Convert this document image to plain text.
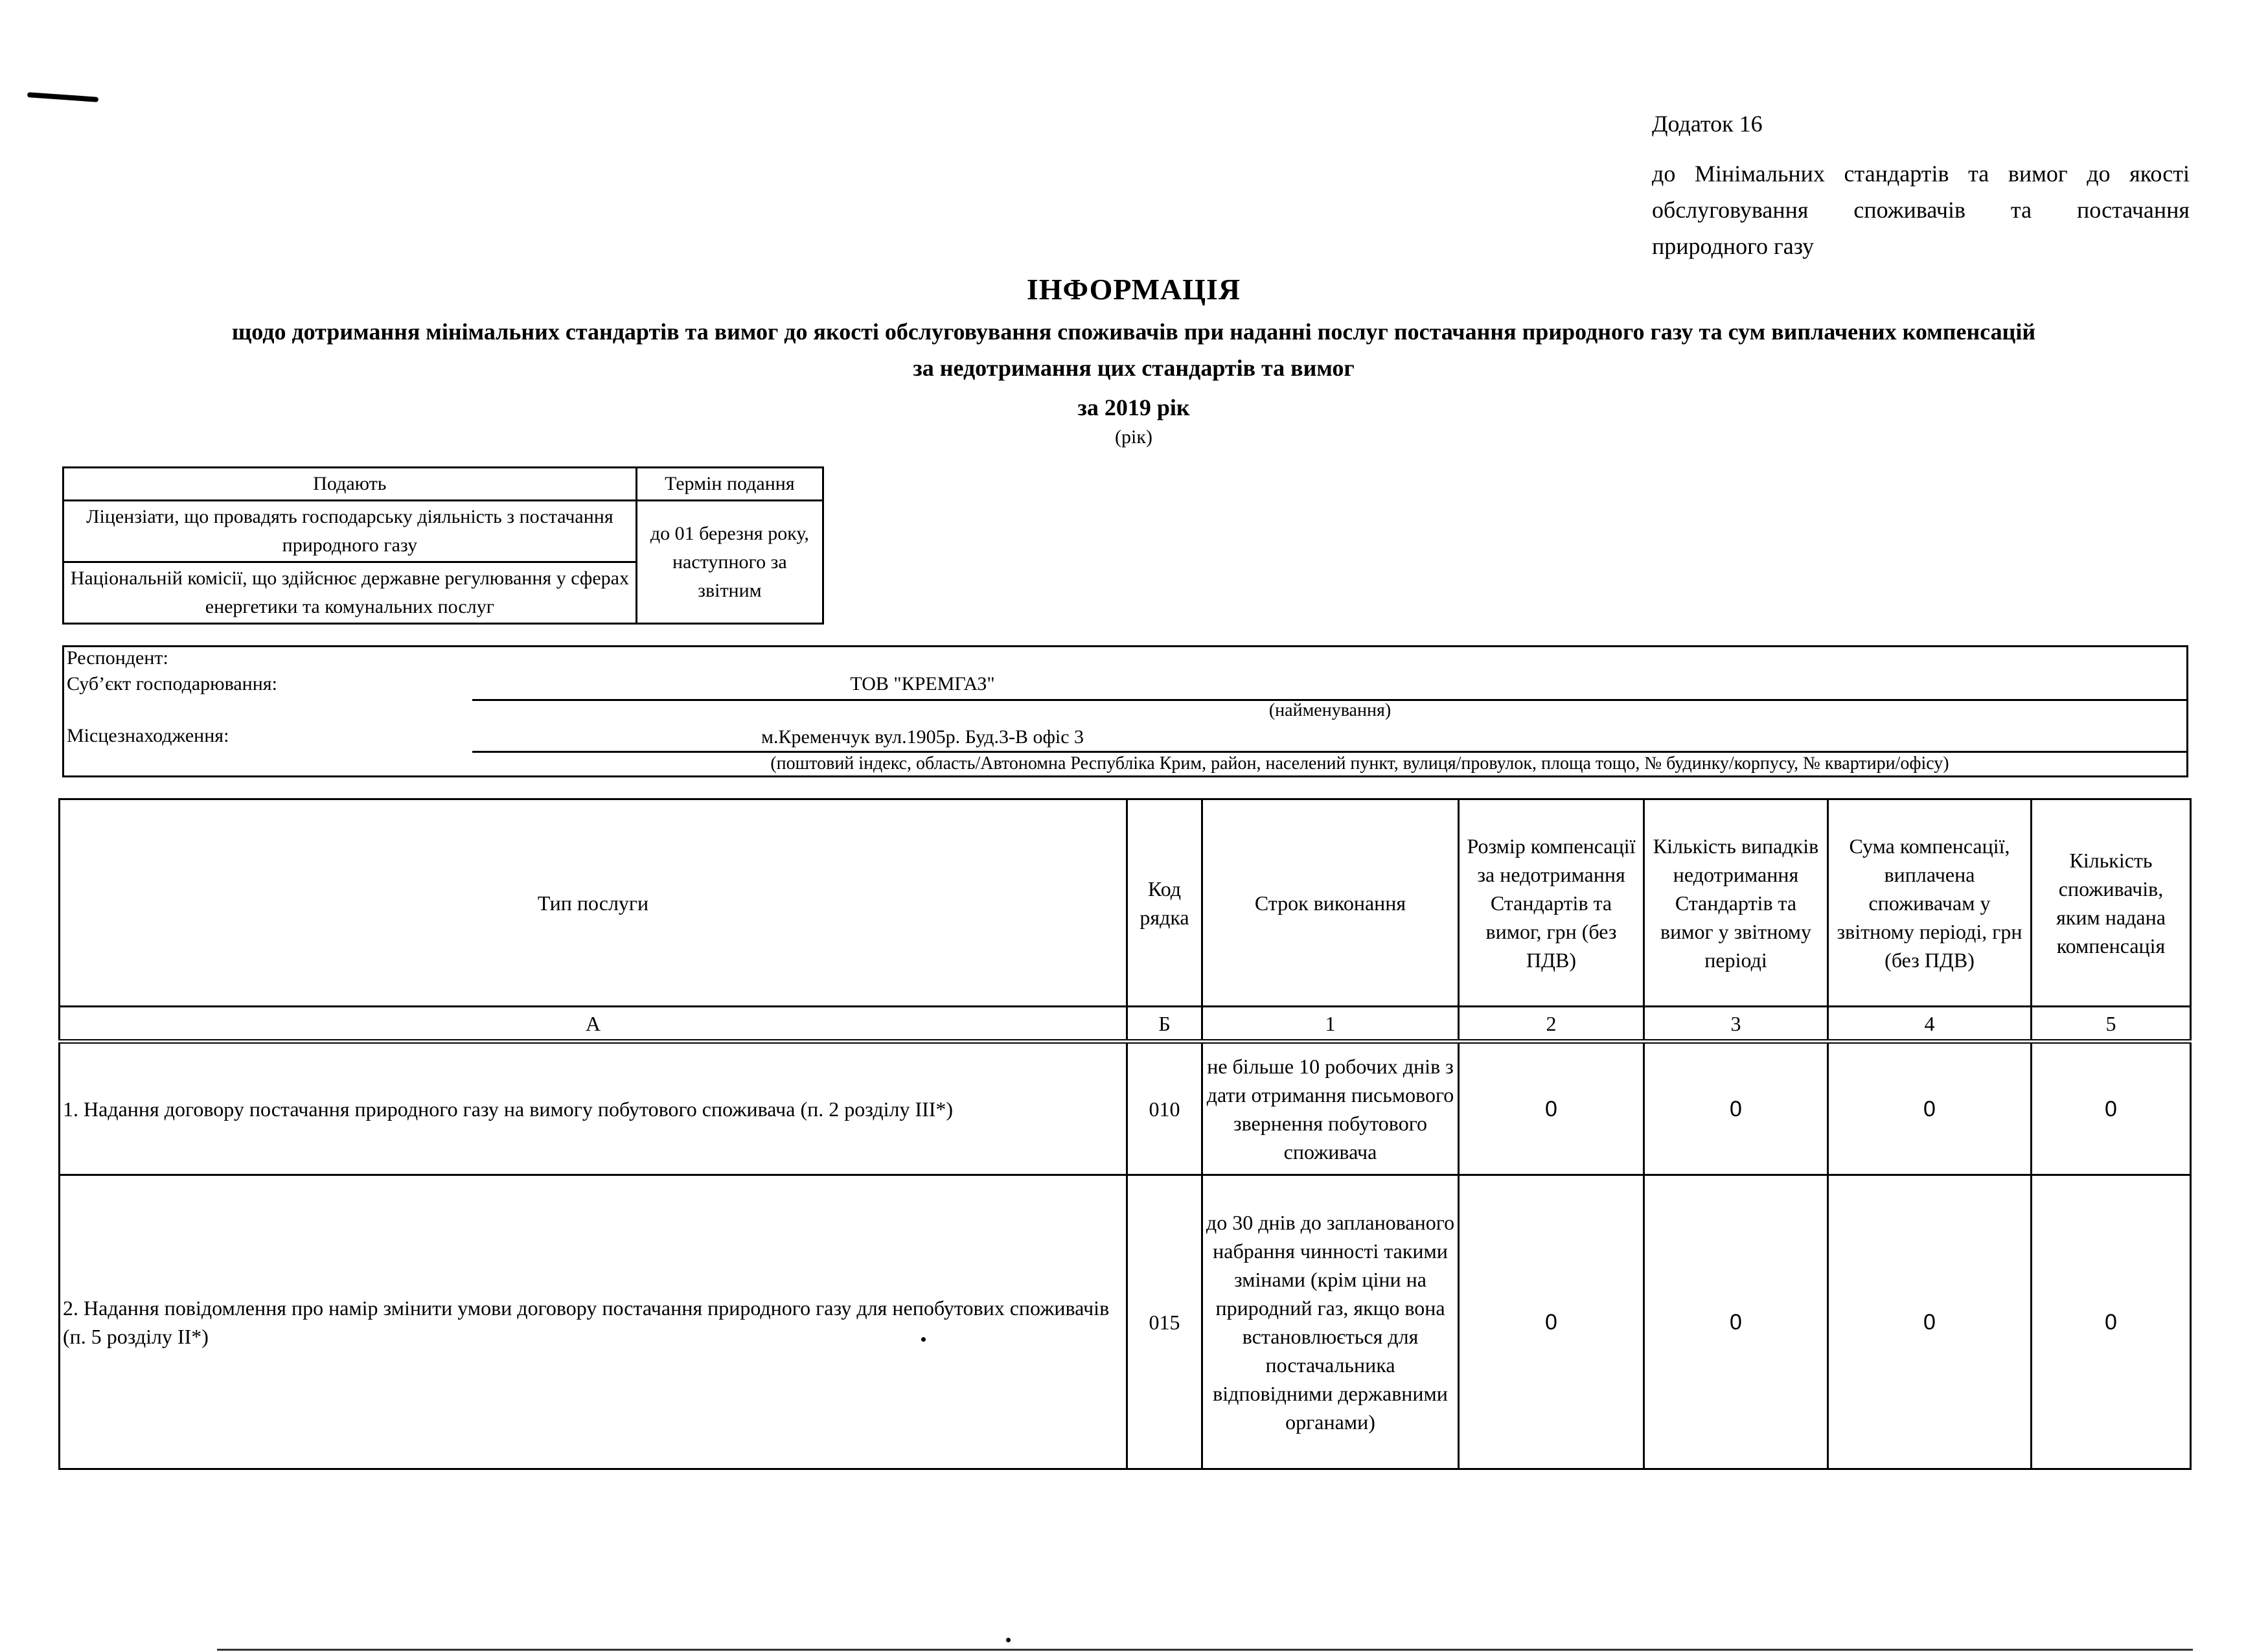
Додаток 16
до Мінімальних стандартів та вимог до якості обслуговування споживачів та постачання природного газу
ІНФОРМАЦІЯ
щодо дотримання мінімальних стандартів та вимог до якості обслуговування споживачів при наданні послуг постачання природного газу та сум виплачених компенсацій
за недотримання цих стандартів та вимог
за 2019 рік
(рік)
Подають	Термін подання
Ліцензіати, що провадять господарську діяльність з постачання природного газу	до 01 березня року, наступного за звітним
Національній комісії, що здійснює державне регулювання у сферах енергетики та комунальних послуг	
Респондент:
Суб’єкт господарювання:	ТОВ "КРЕМГАЗ"
(найменування)
Місцезнаходження:	м.Кременчук вул.1905р. Буд.3-В офіс 3
(поштовий індекс, область/Автономна Республіка Крим, район, населений пункт, вулиця/провулок, площа тощо, № будинку/корпусу, № квартири/офісу)
Тип послуги	Код рядка	Строк виконання	Розмір компенсації за недотримання Стандартів та вимог, грн (без ПДВ)	Кількість випадків недотримання Стандартів та вимог у звітному періоді	Сума компенсації, виплачена споживачам у звітному періоді, грн (без ПДВ)	Кількість споживачів, яким надана компенсація
А	Б	1	2	3	4	5
1. Надання договору постачання природного газу на вимогу побутового споживача (п. 2 розділу ІІІ*)	010	не більше 10 робочих днів з дати отримання письмового звернення побутового споживача	0	0	0	0
2. Надання повідомлення про намір змінити умови договору постачання природного газу для непобутових споживачів (п. 5 розділу ІІ*)	015	до 30 днів до запланованого набрання чинності такими змінами (крім ціни на природний газ, якщо вона встановлюється для постачальника відповідними державними органами)	0	0	0	0
